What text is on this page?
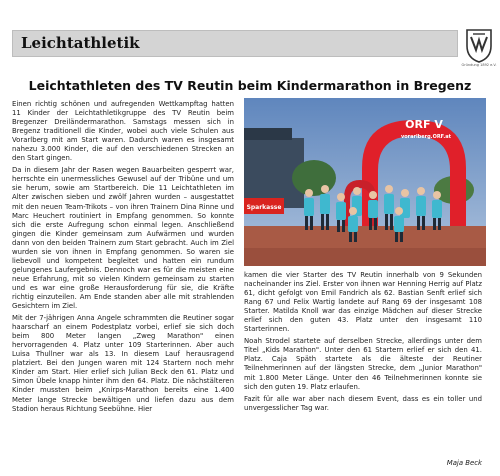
Leichtathletik
Gründung 1892 e.V.
Leichtathleten des TV Reutin beim Kindermarathon in Bregenz

Einen richtig schönen und aufregenden Wettkampftag hatten 11 Kinder der Leichtathletikgruppe des TV Reutin beim Bregenzer Dreiländermarathon. Samstags messen sich in Bregenz traditionell die Kinder, wobei auch viele Schulen aus Vorarlberg mit am Start waren. Dadurch waren es insgesamt nahezu 3.000 Kinder, die auf den verschiedenen Strecken an den Start gingen.

Da in diesem Jahr der Rasen wegen Bauarbeiten gesperrt war, herrschte ein unermessliches Gewusel auf der Tribüne und um sie herum, sowie am Startbereich. Die 11 Leichtathleten im Alter zwischen sieben und zwölf Jahren wurden – ausgestattet mit den neuen Team-Trikots – von ihren Trainern Dina Rinne und Marc Heuchert routiniert in Empfang genommen. So konnte sich die erste Aufregung schon einmal legen. Anschließend gingen die Kinder gemeinsam zum Aufwärmen und wurden dann von den beiden Trainern zum Start gebracht. Auch im Ziel wurden sie von ihnen in Empfang genommen. So waren sie liebevoll und kompetent begleitet und hatten ein rundum gelungenes Laufergebnis. Dennoch war es für die meisten eine neue Erfahrung, mit so vielen Kindern gemeinsam zu starten und es war eine große Herausforderung für sie, die Kräfte richtig einzuteilen. Am Ende standen aber alle mit strahlenden Gesichtern im Ziel.

Mit der 7-jährigen Anna Angele schrammten die Reutiner sogar haarscharf an einem Podestplatz vorbei, erlief sie sich doch beim 800 Meter langen „Zweg Marathon" einen hervorragenden 4. Platz unter 109 Starterinnen. Aber auch Luisa Thullner war als 13. In diesem Lauf herausragend platziert. Bei den Jungen waren mit 124 Startern noch mehr Kinder am Start. Hier erlief sich Julian Beck den 61. Platz und Simon Übele knapp hinter ihm den 64. Platz. Die nächstälteren Kinder mussten beim „Knirps-Marathon bereits eine 1.400 Meter lange Strecke bewältigen und liefen dazu aus dem Stadion heraus Richtung Seebühne. Hier

Sparkasse
ORF V
vorarlberg.ORF.at

kamen die vier Starter des TV Reutin innerhalb von 9 Sekunden nacheinander ins Ziel. Erster von ihnen war Henning Herrig auf Platz 61, dicht gefolgt von Emil Fandrich als 62. Bastian Senft erlief sich Rang 67 und Felix Wartig landete auf Rang 69 der insgesamt 108 Starter. Matilda Knoll war das einzige Mädchen auf dieser Strecke erlief sich den guten 43. Platz unter den insgesamt 110 Starterinnen.

Noah Strodel startete auf derselben Strecke, allerdings unter dem Titel „Kids Marathon". Unter den 61 Startern erlief er sich den 41. Platz. Caja Späth startete als die älteste der Reutiner Teilnehmerinnen auf der längsten Strecke, dem „Junior Marathon" mit 1.800 Meter Länge. Unter den 46 Teilnehmerinnen konnte sie sich den guten 19. Platz erlaufen.

Fazit für alle war aber nach diesem Event, dass es ein toller und unvergesslicher Tag war.

Maja Beck
